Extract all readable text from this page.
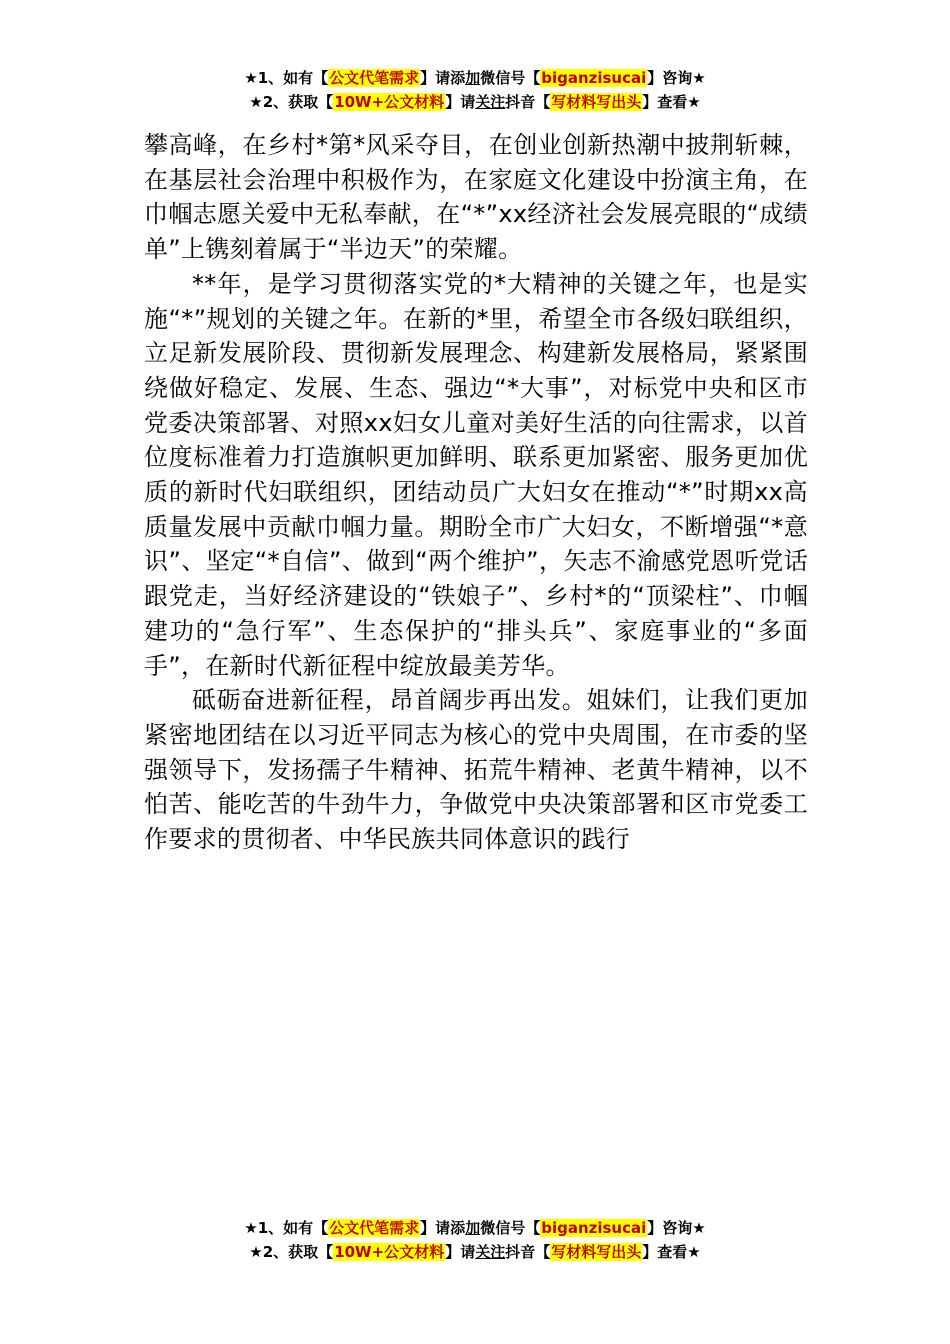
★1、如有【公文代笔需求】请添加微信号【biganzisucai】咨询★
★2、获取【10W+公文材料】请关注抖音【写材料写出头】查看★

攀高峰，在乡村*第*风采夺目，在创业创新热潮中披荆斩棘，在基层社会治理中积极作为，在家庭文化建设中扮演主角，在巾帼志愿关爱中无私奉献，在“*”xx经济社会发展亮眼的“成绩单”上镌刻着属于“半边天”的荣耀。

**年，是学习贯彻落实党的*大精神的关键之年，也是实施“*”规划的关键之年。在新的*里，希望全市各级妇联组织，立足新发展阶段、贯彻新发展理念、构建新发展格局，紧紧围绕做好稳定、发展、生态、强边“*大事”，对标党中央和区市党委决策部署、对照xx妇女儿童对美好生活的向往需求，以首位度标准着力打造旗帜更加鲜明、联系更加紧密、服务更加优质的新时代妇联组织，团结动员广大妇女在推动“*”时期xx高质量发展中贡献巾帼力量。期盼全市广大妇女，不断增强“*意识”、坚定“*自信”、做到“两个维护”，矢志不渝感党恩听党话跟党走，当好经济建设的“铁娘子”、乡村*的“顶梁柱”、巾帼建功的“急行军”、生态保护的“排头兵”、家庭事业的“多面手”，在新时代新征程中绽放最美芳华。

砥砺奋进新征程，昂首阔步再出发。姐妹们，让我们更加紧密地团结在以习近平同志为核心的党中央周围，在市委的坚强领导下，发扬孺子牛精神、拓荒牛精神、老黄牛精神，以不怕苦、能吃苦的牛劲牛力，争做党中央决策部署和区市党委工作要求的贯彻者、中华民族共同体意识的践行

★1、如有【公文代笔需求】请添加微信号【biganzisucai】咨询★
★2、获取【10W+公文材料】请关注抖音【写材料写出头】查看★
